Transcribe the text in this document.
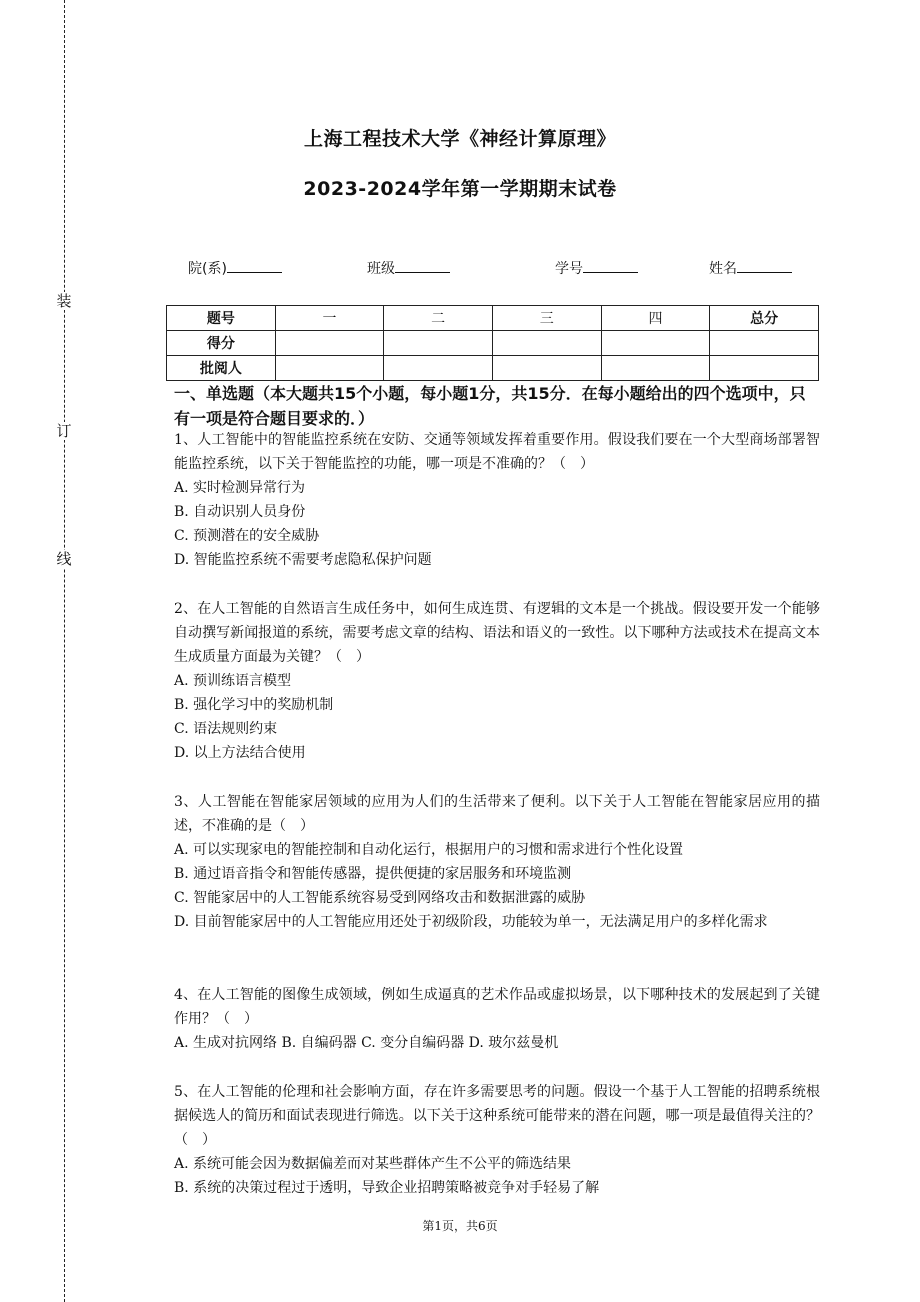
装
订
线
上海工程技术大学《神经计算原理》
2023-2024学年第一学期期末试卷
院(系)	班级	学号	姓名
题号	一	二	三	四	总分
得分					
批阅人					
一、单选题（本大题共15个小题，每小题1分，共15分．在每小题给出的四个选项中，只有一项是符合题目要求的．）

1、人工智能中的智能监控系统在安防、交通等领域发挥着重要作用。假设我们要在一个大型商场部署智能监控系统，以下关于智能监控的功能，哪一项是不准确的？（　）

A. 实时检测异常行为

B. 自动识别人员身份

C. 预测潜在的安全威胁

D. 智能监控系统不需要考虑隐私保护问题

2、在人工智能的自然语言生成任务中，如何生成连贯、有逻辑的文本是一个挑战。假设要开发一个能够自动撰写新闻报道的系统，需要考虑文章的结构、语法和语义的一致性。以下哪种方法或技术在提高文本生成质量方面最为关键？（　）

A. 预训练语言模型

B. 强化学习中的奖励机制

C. 语法规则约束

D. 以上方法结合使用

3、人工智能在智能家居领域的应用为人们的生活带来了便利。以下关于人工智能在智能家居应用的描述，不准确的是（　）

A. 可以实现家电的智能控制和自动化运行，根据用户的习惯和需求进行个性化设置

B. 通过语音指令和智能传感器，提供便捷的家居服务和环境监测

C. 智能家居中的人工智能系统容易受到网络攻击和数据泄露的威胁

D. 目前智能家居中的人工智能应用还处于初级阶段，功能较为单一，无法满足用户的多样化需求

4、在人工智能的图像生成领域，例如生成逼真的艺术作品或虚拟场景，以下哪种技术的发展起到了关键作用？（　）

A. 生成对抗网络 B. 自编码器 C. 变分自编码器 D. 玻尔兹曼机

5、在人工智能的伦理和社会影响方面，存在许多需要思考的问题。假设一个基于人工智能的招聘系统根据候选人的简历和面试表现进行筛选。以下关于这种系统可能带来的潜在问题，哪一项是最值得关注的？（　）

A. 系统可能会因为数据偏差而对某些群体产生不公平的筛选结果

B. 系统的决策过程过于透明，导致企业招聘策略被竞争对手轻易了解

第1页，共6页
